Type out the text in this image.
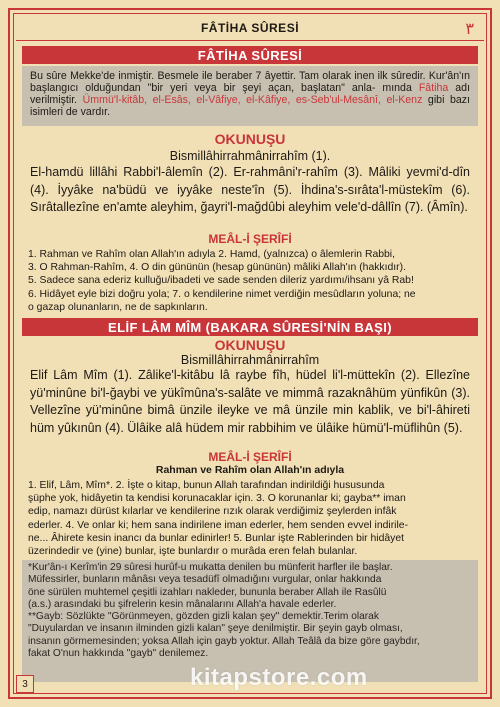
FÂTİHA SÛRESİ	٣
FÂTİHA SÛRESİ
Bu sûre Mekke'de inmiştir. Besmele ile beraber 7 âyettir. Tam olarak inen ilk sûredir. Kur'ân'ın başlangıcı olduğundan "bir yeri veya bir şeyi açan, başlatan" anla- mında Fâtiha adı verilmiştir. Ümmü'l-kitâb, el-Esâs, el-Vâfiye, el-Kâfiye, es-Seb'ul-Mesânî, el-Kenz gibi bazı isimleri de vardır.
OKUNUŞU
Bismillâhirrahmânirrahîm (1).
El-hamdü lillâhi Rabbi'l-âlemîn (2). Er-rahmâni'r-rahîm (3). Mâliki yevmi'd-dîn (4). İyyâke na'büdü ve iyyâke neste'în (5). İhdina's-sırâta'l-müstekîm (6). Sırâtallezîne en'amte aleyhim, ğayri'l-mağdûbi aleyhim vele'd-dâllîn (7). (Âmîn).
MEÂL-İ ŞERÎFİ
1. Rahman ve Rahîm olan Allah'ın adıyla 2. Hamd, (yalnızca) o âlemlerin Rabbi,
3. O Rahman-Rahîm, 4. O din gününün (hesap gününün) mâliki Allah'ın (hakkıdır).
5. Sadece sana ederiz kulluğu/ibadeti ve sade senden dileriz yardımı/ihsanı yâ Rab!
6. Hidâyet eyle bizi doğru yola; 7. o kendilerine nimet verdiğin mesûdların yoluna; ne
o gazap olunanların, ne de sapkınların.
ELİF LÂM MÎM (BAKARA SÛRESİ'NİN BAŞI)
OKUNUŞU
Bismillâhirrahmânirrahîm
Elif Lâm Mîm (1). Zâlike'l-kitâbu lâ raybe fîh, hüdel li'l-müttekîn (2). Ellezîne yü'minûne bi'l-ğaybi ve yükîmûna's-salâte ve mimmâ razaknâhüm yünfikûn (3). Vellezîne yü'minûne bimâ ünzile ileyke ve mâ ünzile min kablik, ve bi'l-âhireti hüm yûkınûn (4). Ülâike alâ hüdem mir rabbihim ve ülâike hümü'l-müflihûn (5).
MEÂL-İ ŞERÎFİ
Rahman ve Rahîm olan Allah'ın adıyla
1. Elif, Lâm, Mîm*. 2. İşte o kitap, bunun Allah tarafından indirildiği hususunda
şüphe yok, hidâyetin ta kendisi korunacaklar için. 3. O korunanlar ki; gayba** iman
edip, namazı dürüst kılarlar ve kendilerine rızık olarak verdiğimiz şeylerden infâk
ederler. 4. Ve onlar ki; hem sana indirilene iman ederler, hem senden evvel indirile-
ne... Âhirete kesin inancı da bunlar edinirler! 5. Bunlar işte Rablerinden bir hidâyet
üzerindedir ve (yine) bunlar, işte bunlardır o murâda eren felah bulanlar.
*Kur'ân-ı Kerîm'in 29 sûresi hurûf-u mukatta denilen bu münferit harfler ile başlar.
Müfessirler, bunların mânâsı veya tesadüfî olmadığını vurgular, onlar hakkında
öne sürülen muhtemel çeşitli izahları nakleder, bununla beraber Allah ile Rasûlü
(a.s.) arasındaki bu şifrelerin kesin mânalarını Allah'a havale ederler.
**Gayb: Sözlükte "Görünmeyen, gözden gizli kalan şey" demektir.Terim olarak
"Duyulardan ve insanın ilminden gizli kalan" şeye denilmiştir. Bir şeyin gayb olması,
insanın görmemesinden; yoksa Allah için gayb yoktur. Allah Teâlâ da bize göre gaybdır,
fakat O'nun hakkında "gayb" denilemez.
3	kitapstore.com
